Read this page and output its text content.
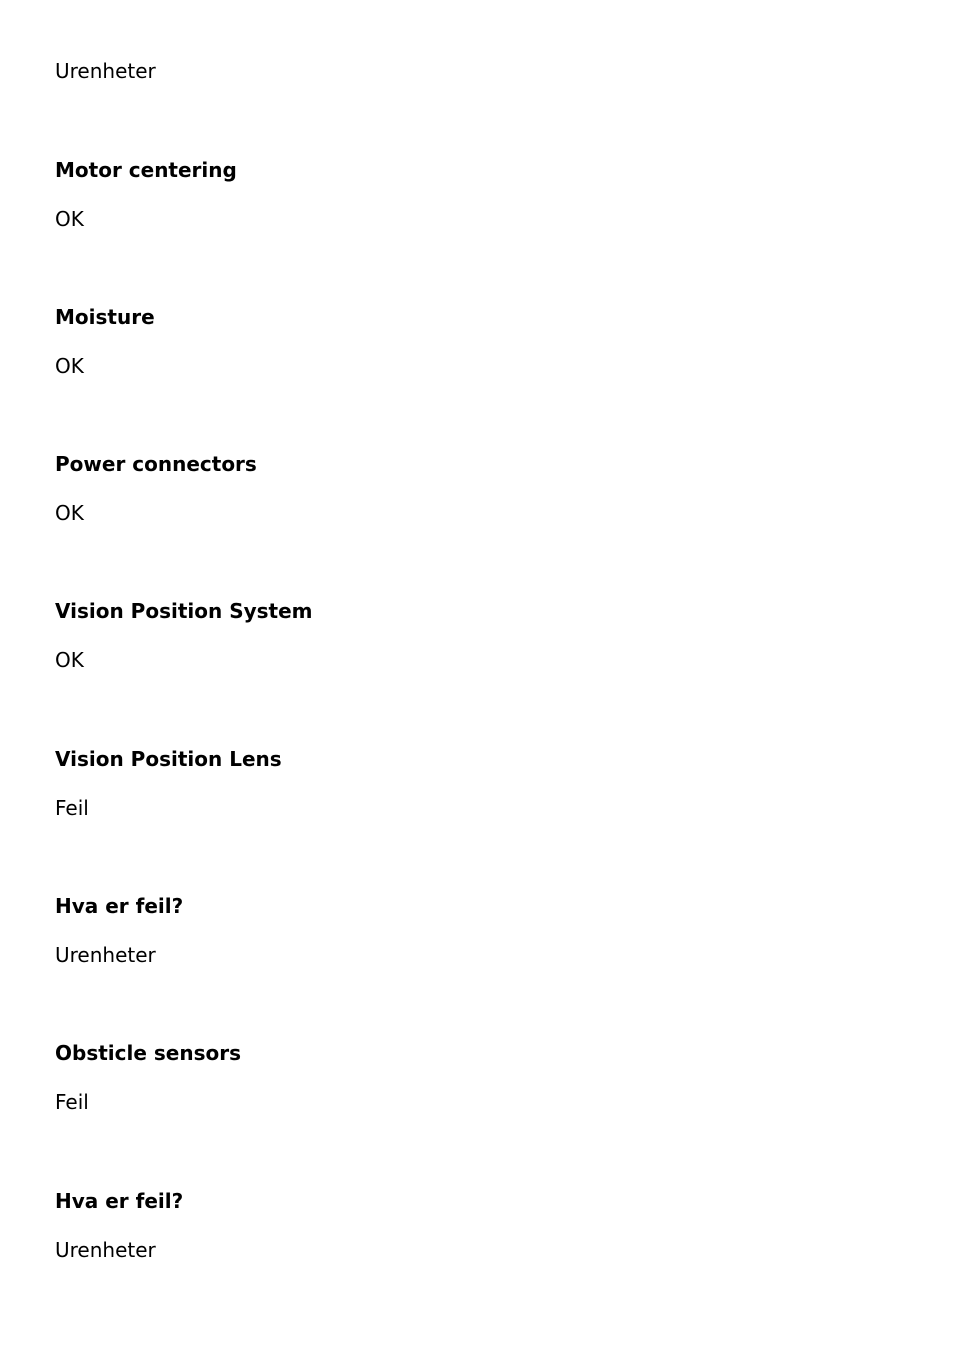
Urenheter
Motor centering
OK
Moisture
OK
Power connectors
OK
Vision Position System
OK
Vision Position Lens
Feil
Hva er feil?
Urenheter
Obsticle sensors
Feil
Hva er feil?
Urenheter
